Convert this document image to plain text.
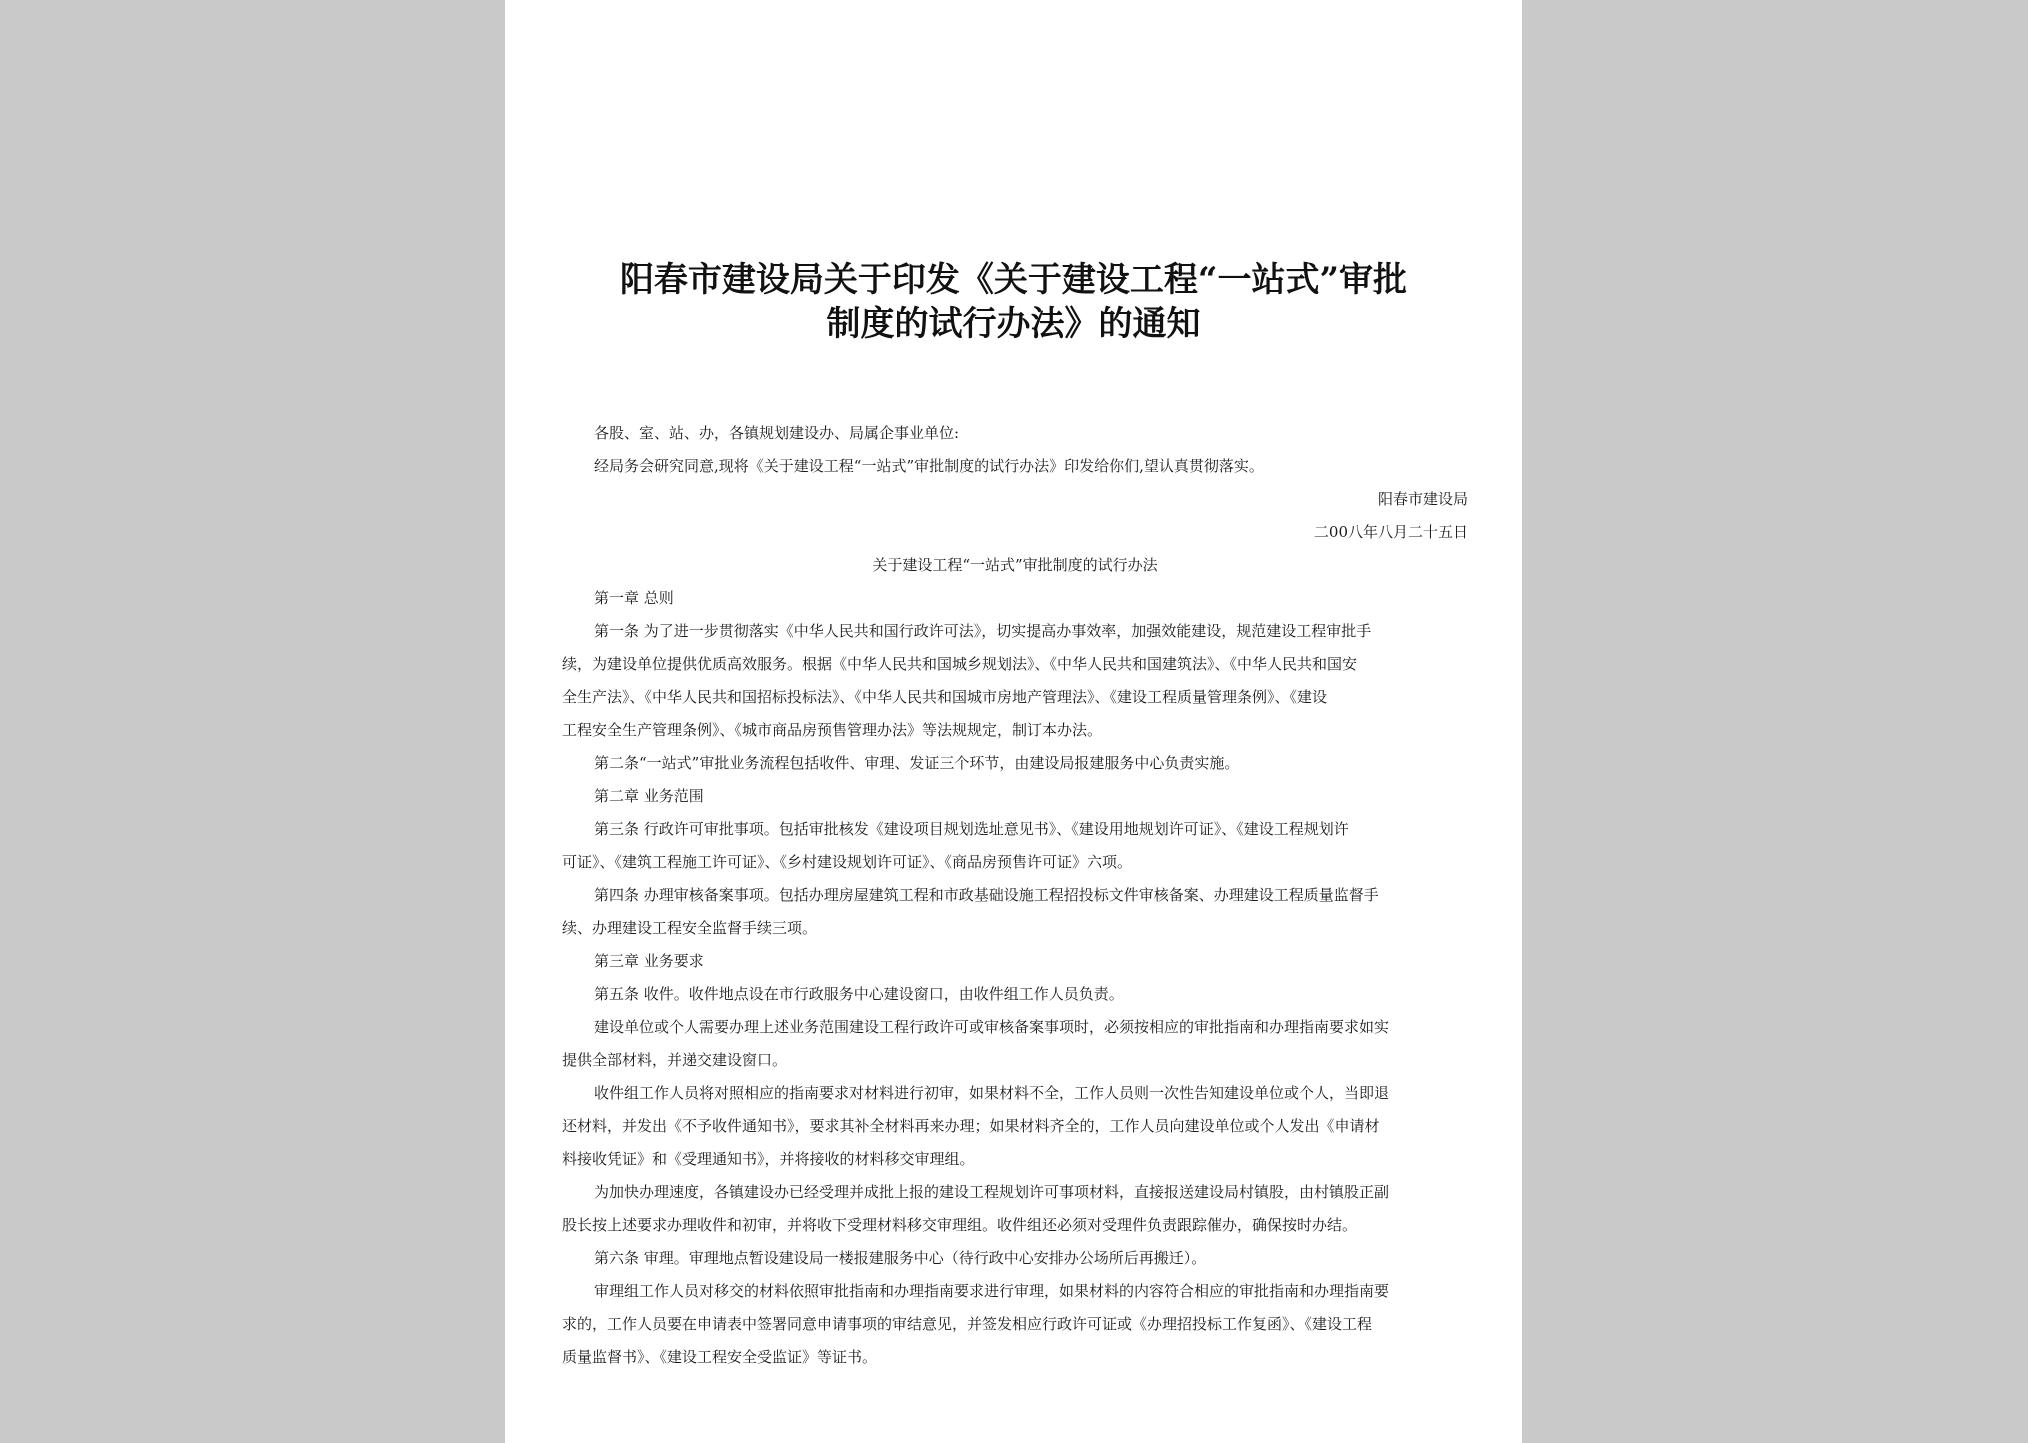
阳春市建设局关于印发《关于建设工程“一站式”审批
制度的试行办法》的通知
各股、室、站、办，各镇规划建设办、局属企事业单位:
经局务会研究同意,现将《关于建设工程“一站式”审批制度的试行办法》印发给你们,望认真贯彻落实。
阳春市建设局
二00八年八月二十五日
关于建设工程“一站式”审批制度的试行办法
第一章 总则
第一条 为了进一步贯彻落实《中华人民共和国行政许可法》，切实提高办事效率，加强效能建设，规范建设工程审批手
续，为建设单位提供优质高效服务。根据《中华人民共和国城乡规划法》、《中华人民共和国建筑法》、《中华人民共和国安
全生产法》、《中华人民共和国招标投标法》、《中华人民共和国城市房地产管理法》、《建设工程质量管理条例》、《建设
工程安全生产管理条例》、《城市商品房预售管理办法》等法规规定，制订本办法。
第二条“一站式”审批业务流程包括收件、审理、发证三个环节，由建设局报建服务中心负责实施。
第二章 业务范围
第三条 行政许可审批事项。包括审批核发《建设项目规划选址意见书》、《建设用地规划许可证》、《建设工程规划许
可证》、《建筑工程施工许可证》、《乡村建设规划许可证》、《商品房预售许可证》六项。
第四条 办理审核备案事项。包括办理房屋建筑工程和市政基础设施工程招投标文件审核备案、办理建设工程质量监督手
续、办理建设工程安全监督手续三项。
第三章 业务要求
第五条 收件。收件地点设在市行政服务中心建设窗口，由收件组工作人员负责。
建设单位或个人需要办理上述业务范围建设工程行政许可或审核备案事项时，必须按相应的审批指南和办理指南要求如实
提供全部材料，并递交建设窗口。
收件组工作人员将对照相应的指南要求对材料进行初审，如果材料不全，工作人员则一次性告知建设单位或个人，当即退
还材料，并发出《不予收件通知书》，要求其补全材料再来办理；如果材料齐全的，工作人员向建设单位或个人发出《申请材
料接收凭证》和《受理通知书》，并将接收的材料移交审理组。
为加快办理速度，各镇建设办已经受理并成批上报的建设工程规划许可事项材料，直接报送建设局村镇股，由村镇股正副
股长按上述要求办理收件和初审，并将收下受理材料移交审理组。收件组还必须对受理件负责跟踪催办，确保按时办结。
第六条 审理。审理地点暂设建设局一楼报建服务中心（待行政中心安排办公场所后再搬迁）。
审理组工作人员对移交的材料依照审批指南和办理指南要求进行审理，如果材料的内容符合相应的审批指南和办理指南要
求的，工作人员要在申请表中签署同意申请事项的审结意见，并签发相应行政许可证或《办理招投标工作复函》、《建设工程
质量监督书》、《建设工程安全受监证》等证书。
